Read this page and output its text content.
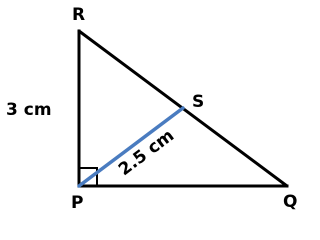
R
S
P	Q
3 cm
2.5 cm
